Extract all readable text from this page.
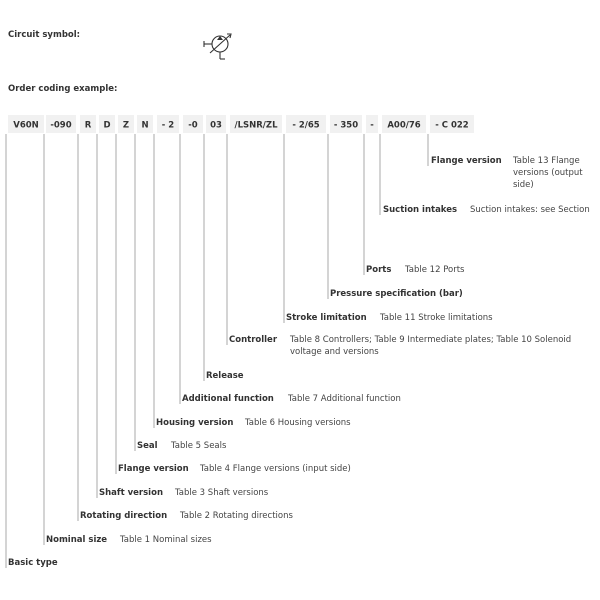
Circuit symbol:
Order coding example:
V60N -090 R D Z N - 2 -0 03 /LSNR/ZL - 2/65 - 350 - A00/76 - C 022
Flange version Table 13 Flange
versions (output
side)
Suction intakes Suction intakes: see Section
Ports Table 12 Ports
Pressure specification (bar)
Stroke limitation Table 11 Stroke limitations
Controller Table 8 Controllers; Table 9 Intermediate plates; Table 10 Solenoid
voltage and versions
Release
Additional function Table 7 Additional function
Housing version Table 6 Housing versions
Seal Table 5 Seals
Flange version Table 4 Flange versions (input side)
Shaft version Table 3 Shaft versions
Rotating direction Table 2 Rotating directions
Nominal size Table 1 Nominal sizes
Basic type
